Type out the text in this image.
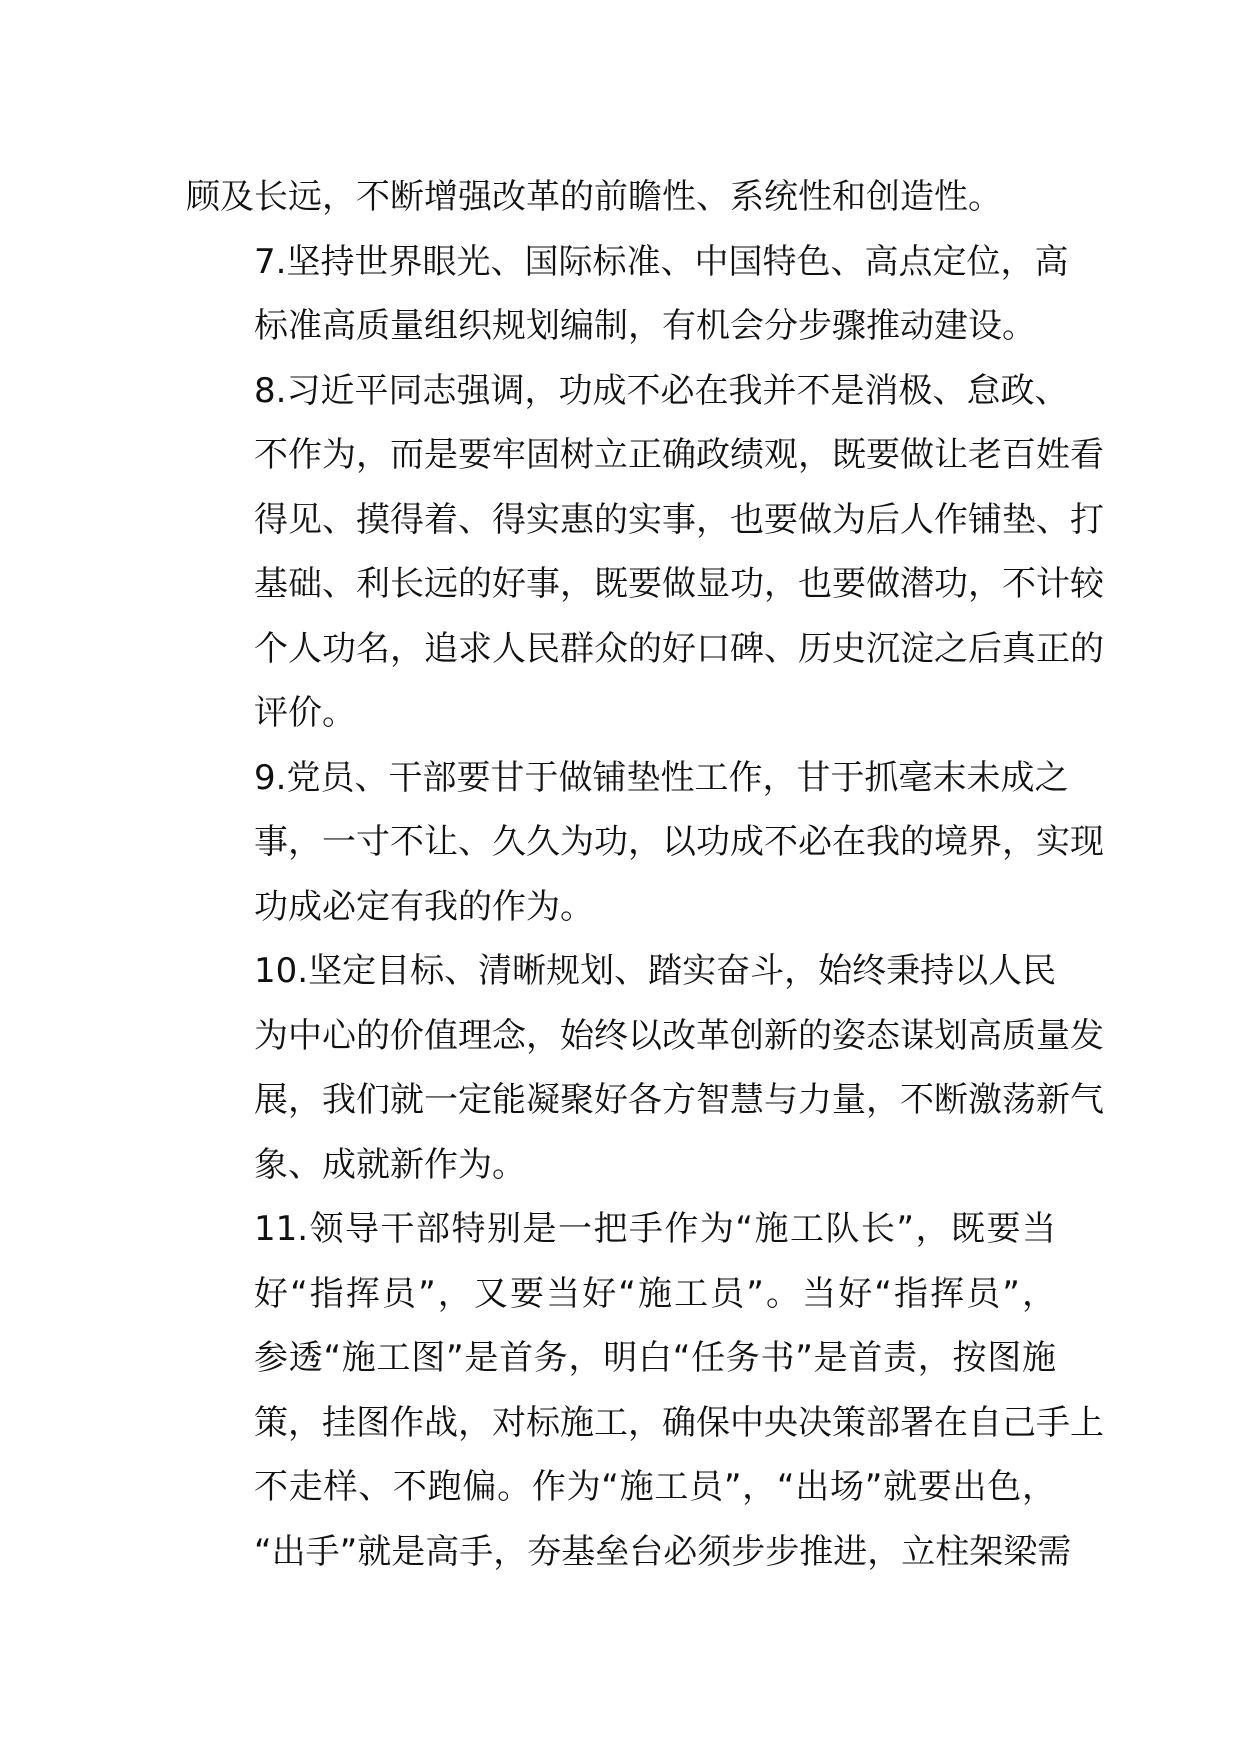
顾及长远，不断增强改革的前瞻性、系统性和创造性。

7.坚持世界眼光、国际标准、中国特色、高点定位，高
标准高质量组织规划编制，有机会分步骤推动建设。

8.习近平同志强调，功成不必在我并不是消极、怠政、
不作为，而是要牢固树立正确政绩观，既要做让老百姓看
得见、摸得着、得实惠的实事，也要做为后人作铺垫、打
基础、利长远的好事，既要做显功，也要做潜功，不计较
个人功名，追求人民群众的好口碑、历史沉淀之后真正的
评价。

9.党员、干部要甘于做铺垫性工作，甘于抓毫末未成之
事，一寸不让、久久为功，以功成不必在我的境界，实现
功成必定有我的作为。

10.坚定目标、清晰规划、踏实奋斗，始终秉持以人民
为中心的价值理念，始终以改革创新的姿态谋划高质量发
展，我们就一定能凝聚好各方智慧与力量，不断激荡新气
象、成就新作为。

11.领导干部特别是一把手作为“施工队长”，既要当
好“指挥员”，又要当好“施工员”。当好“指挥员”，
参透“施工图”是首务，明白“任务书”是首责，按图施
策，挂图作战，对标施工，确保中央决策部署在自己手上
不走样、不跑偏。作为“施工员”，“出场”就要出色，
“出手”就是高手，夯基垒台必须步步推进，立柱架梁需
